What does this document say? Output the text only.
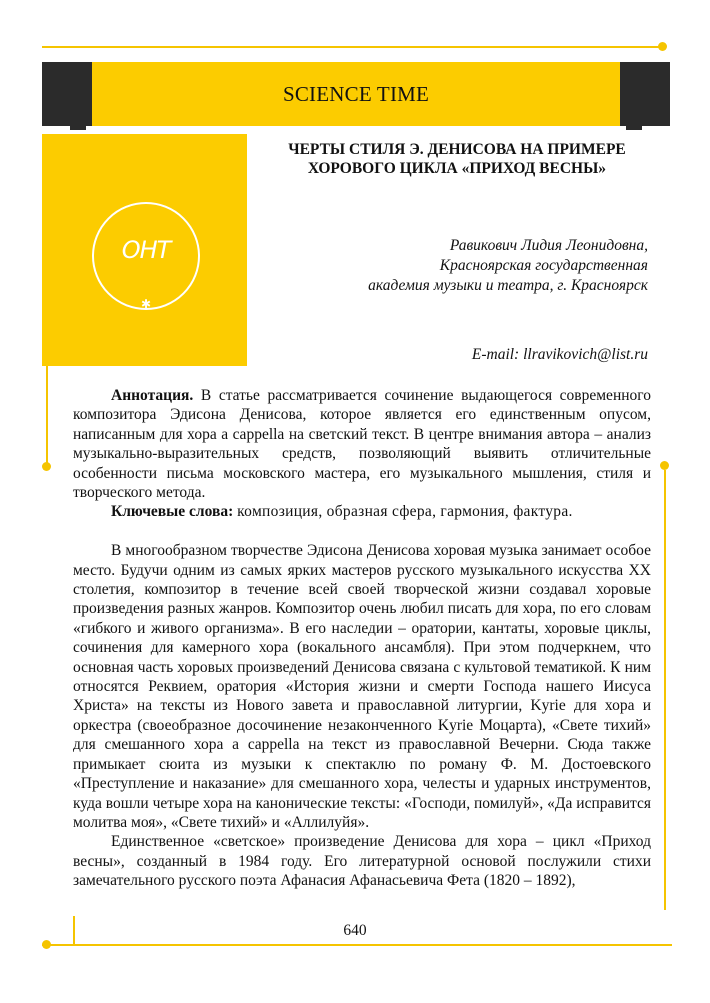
SCIENCE TIME
OHT
✱
ЧЕРТЫ СТИЛЯ Э. ДЕНИСОВА НА ПРИМЕРЕ
ХОРОВОГО ЦИКЛА «ПРИХОД ВЕСНЫ»
Равикович Лидия Леонидовна,
Красноярская государственная
академия музыки и театра, г. Красноярск
E-mail: llravikovich@list.ru

Аннотация. В статье рассматривается сочинение выдающегося современного композитора Эдисона Денисова, которое является его единственным опусом, написанным для хора a cappella на светский текст. В центре внимания автора – анализ музыкально-выразительных средств, позволяющий выявить отличительные особенности письма московского мастера, его музыкального мышления, стиля и творческого метода.

Ключевые слова: композиция, образная сфера, гармония, фактура.

В многообразном творчестве Эдисона Денисова хоровая музыка занимает особое место. Будучи одним из самых ярких мастеров русского музыкального искусства XX столетия, композитор в течение всей своей творческой жизни создавал хоровые произведения разных жанров. Композитор очень любил писать для хора, по его словам «гибкого и живого организма». В его наследии – оратории, кантаты, хоровые циклы, сочинения для камерного хора (вокального ансамбля). При этом подчеркнем, что основная часть хоровых произведений Денисова связана с культовой тематикой. К ним относятся Реквием, оратория «История жизни и смерти Господа нашего Иисуса Христа» на тексты из Нового завета и православной литургии, Kyrie для хора и оркестра (своеобразное досочинение незаконченного Kyrie Моцарта), «Свете тихий» для смешанного хора a cappella на текст из православной Вечерни. Сюда также примыкает сюита из музыки к спектаклю по роману Ф. М. Достоевского «Преступление и наказание» для смешанного хора, челесты и ударных инструментов, куда вошли четыре хора на канонические тексты: «Господи, помилуй», «Да исправится молитва моя», «Свете тихий» и «Аллилуйя».

Единственное «светское» произведение Денисова для хора – цикл «Приход весны», созданный в 1984 году. Его литературной основой послужили стихи замечательного русского поэта Афанасия Афанасьевича Фета (1820 – 1892),

640
